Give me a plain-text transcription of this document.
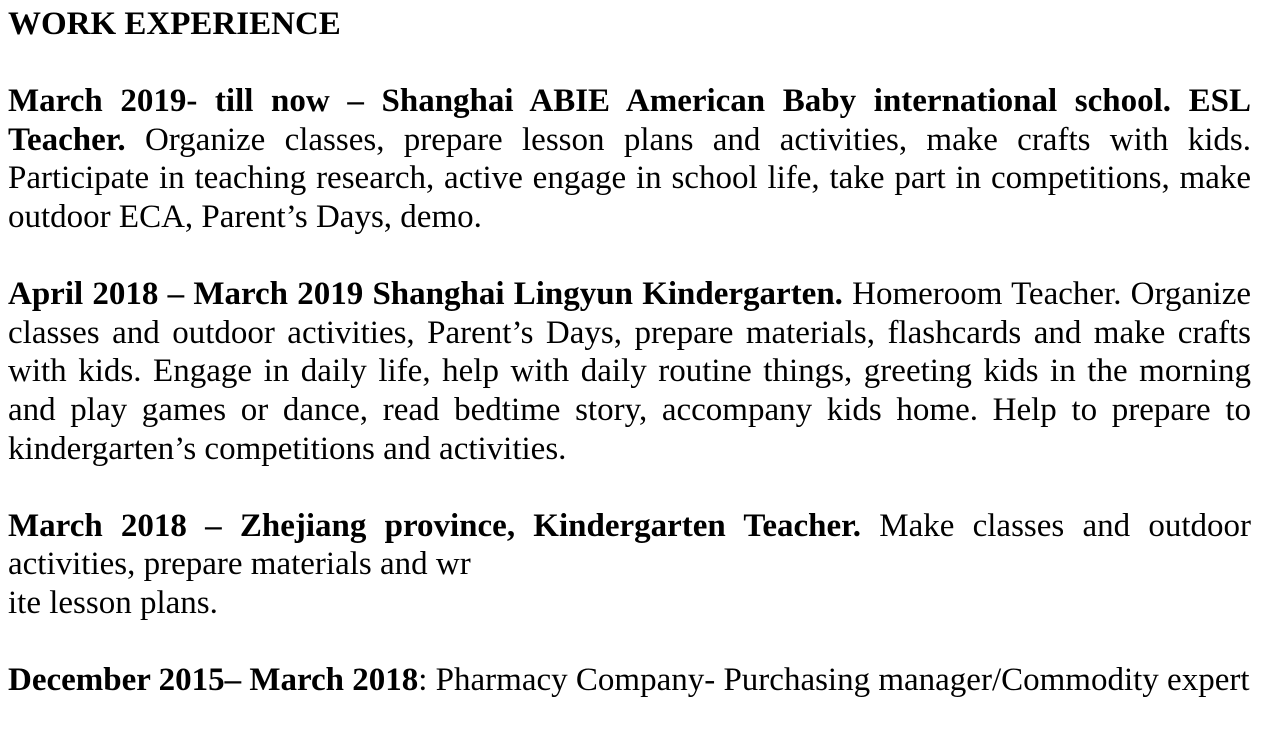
WORK EXPERIENCE

March 2019- till now – Shanghai ABIE American Baby international school. ESL Teacher. Organize classes, prepare lesson plans and activities, make crafts with kids. Participate in teaching research, active engage in school life, take part in competitions, make outdoor ECA, Parent’s Days, demo.

April 2018 – March 2019 Shanghai Lingyun Kindergarten. Homeroom Teacher. Organize classes and outdoor activities, Parent’s Days, prepare materials, flashcards and make crafts with kids. Engage in daily life, help with daily routine things, greeting kids in the morning and play games or dance, read bedtime story, accompany kids home. Help to prepare to kindergarten’s competitions and activities.

March 2018 – Zhejiang province, Kindergarten Teacher. Make classes and outdoor activities, prepare materials and wr
ite lesson plans.

December 2015– March 2018: Pharmacy Company- Purchasing manager/Commodity expert
